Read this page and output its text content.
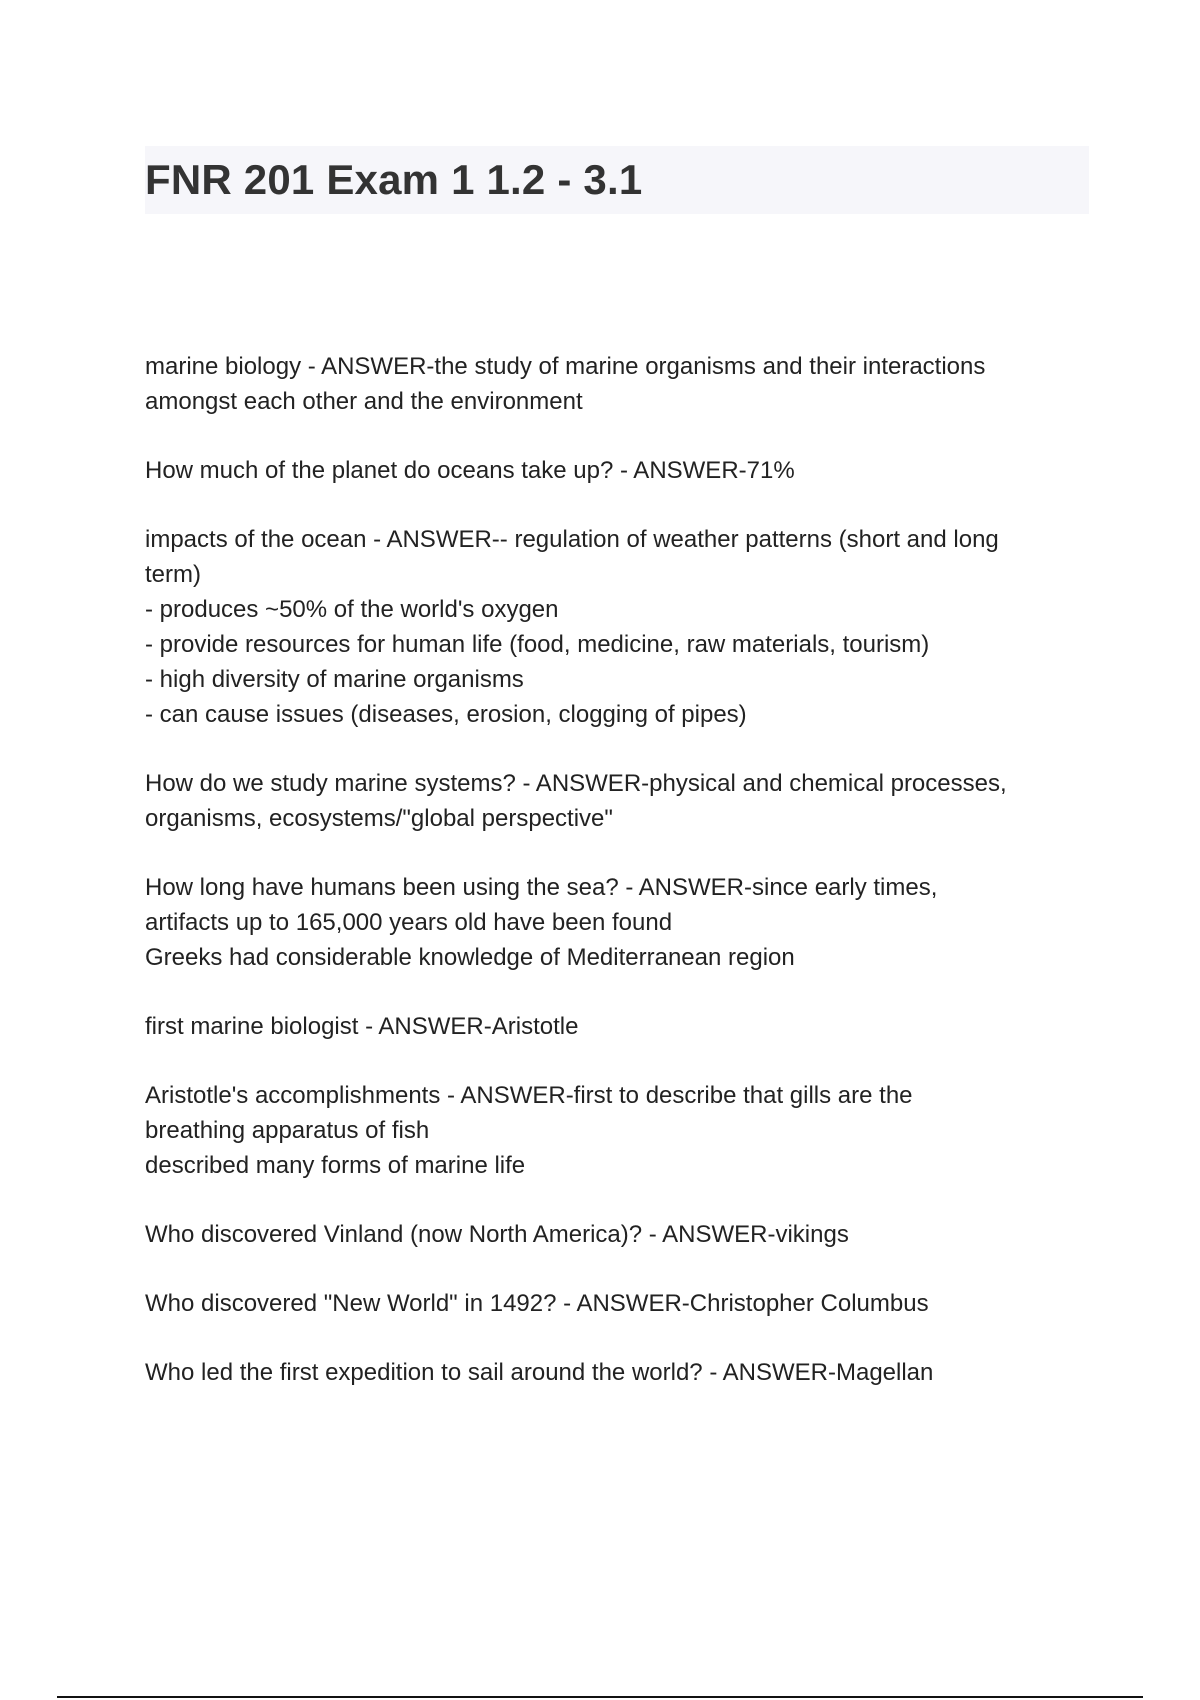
FNR 201 Exam 1 1.2 - 3.1

marine biology - ANSWER-the study of marine organisms and their interactions
amongst each other and the environment

How much of the planet do oceans take up? - ANSWER-71%

impacts of the ocean - ANSWER-- regulation of weather patterns (short and long
term)
- produces ~50% of the world's oxygen
- provide resources for human life (food, medicine, raw materials, tourism)
- high diversity of marine organisms
- can cause issues (diseases, erosion, clogging of pipes)

How do we study marine systems? - ANSWER-physical and chemical processes,
organisms, ecosystems/"global perspective"

How long have humans been using the sea? - ANSWER-since early times,
artifacts up to 165,000 years old have been found
Greeks had considerable knowledge of Mediterranean region

first marine biologist - ANSWER-Aristotle

Aristotle's accomplishments - ANSWER-first to describe that gills are the
breathing apparatus of fish
described many forms of marine life

Who discovered Vinland (now North America)? - ANSWER-vikings

Who discovered "New World" in 1492? - ANSWER-Christopher Columbus

Who led the first expedition to sail around the world? - ANSWER-Magellan
